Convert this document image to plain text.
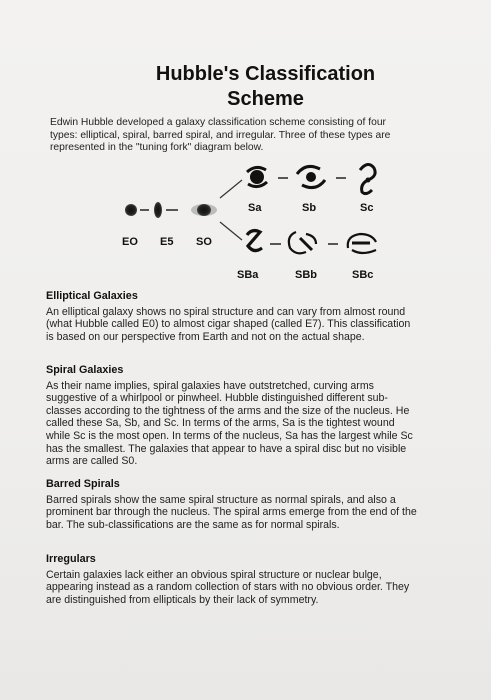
Hubble's Classification
Scheme
Edwin Hubble developed a galaxy classification scheme consisting of four types: elliptical, spiral, barred spiral, and irregular. Three of these types are represented in the "tuning fork" diagram below.
EO E5 SO
Sa	Sb	Sc
SBa	SBb	SBc
Elliptical Galaxies

An elliptical galaxy shows no spiral structure and can vary from almost round (what Hubble called E0) to almost cigar shaped (called E7). This classification is based on our perspective from Earth and not on the actual shape.

Spiral Galaxies

As their name implies, spiral galaxies have outstretched, curving arms suggestive of a whirlpool or pinwheel. Hubble distinguished different sub-classes according to the tightness of the arms and the size of the nucleus. He called these Sa, Sb, and Sc. In terms of the arms, Sa is the tightest wound while Sc is the most open. In terms of the nucleus, Sa has the largest while Sc has the smallest. The galaxies that appear to have a spiral disc but no visible arms are called S0.

Barred Spirals

Barred spirals show the same spiral structure as normal spirals, and also a prominent bar through the nucleus. The spiral arms emerge from the end of the bar. The sub-classifications are the same as for normal spirals.

Irregulars

Certain galaxies lack either an obvious spiral structure or nuclear bulge, appearing instead as a random collection of stars with no obvious order. They are distinguished from ellipticals by their lack of symmetry.
